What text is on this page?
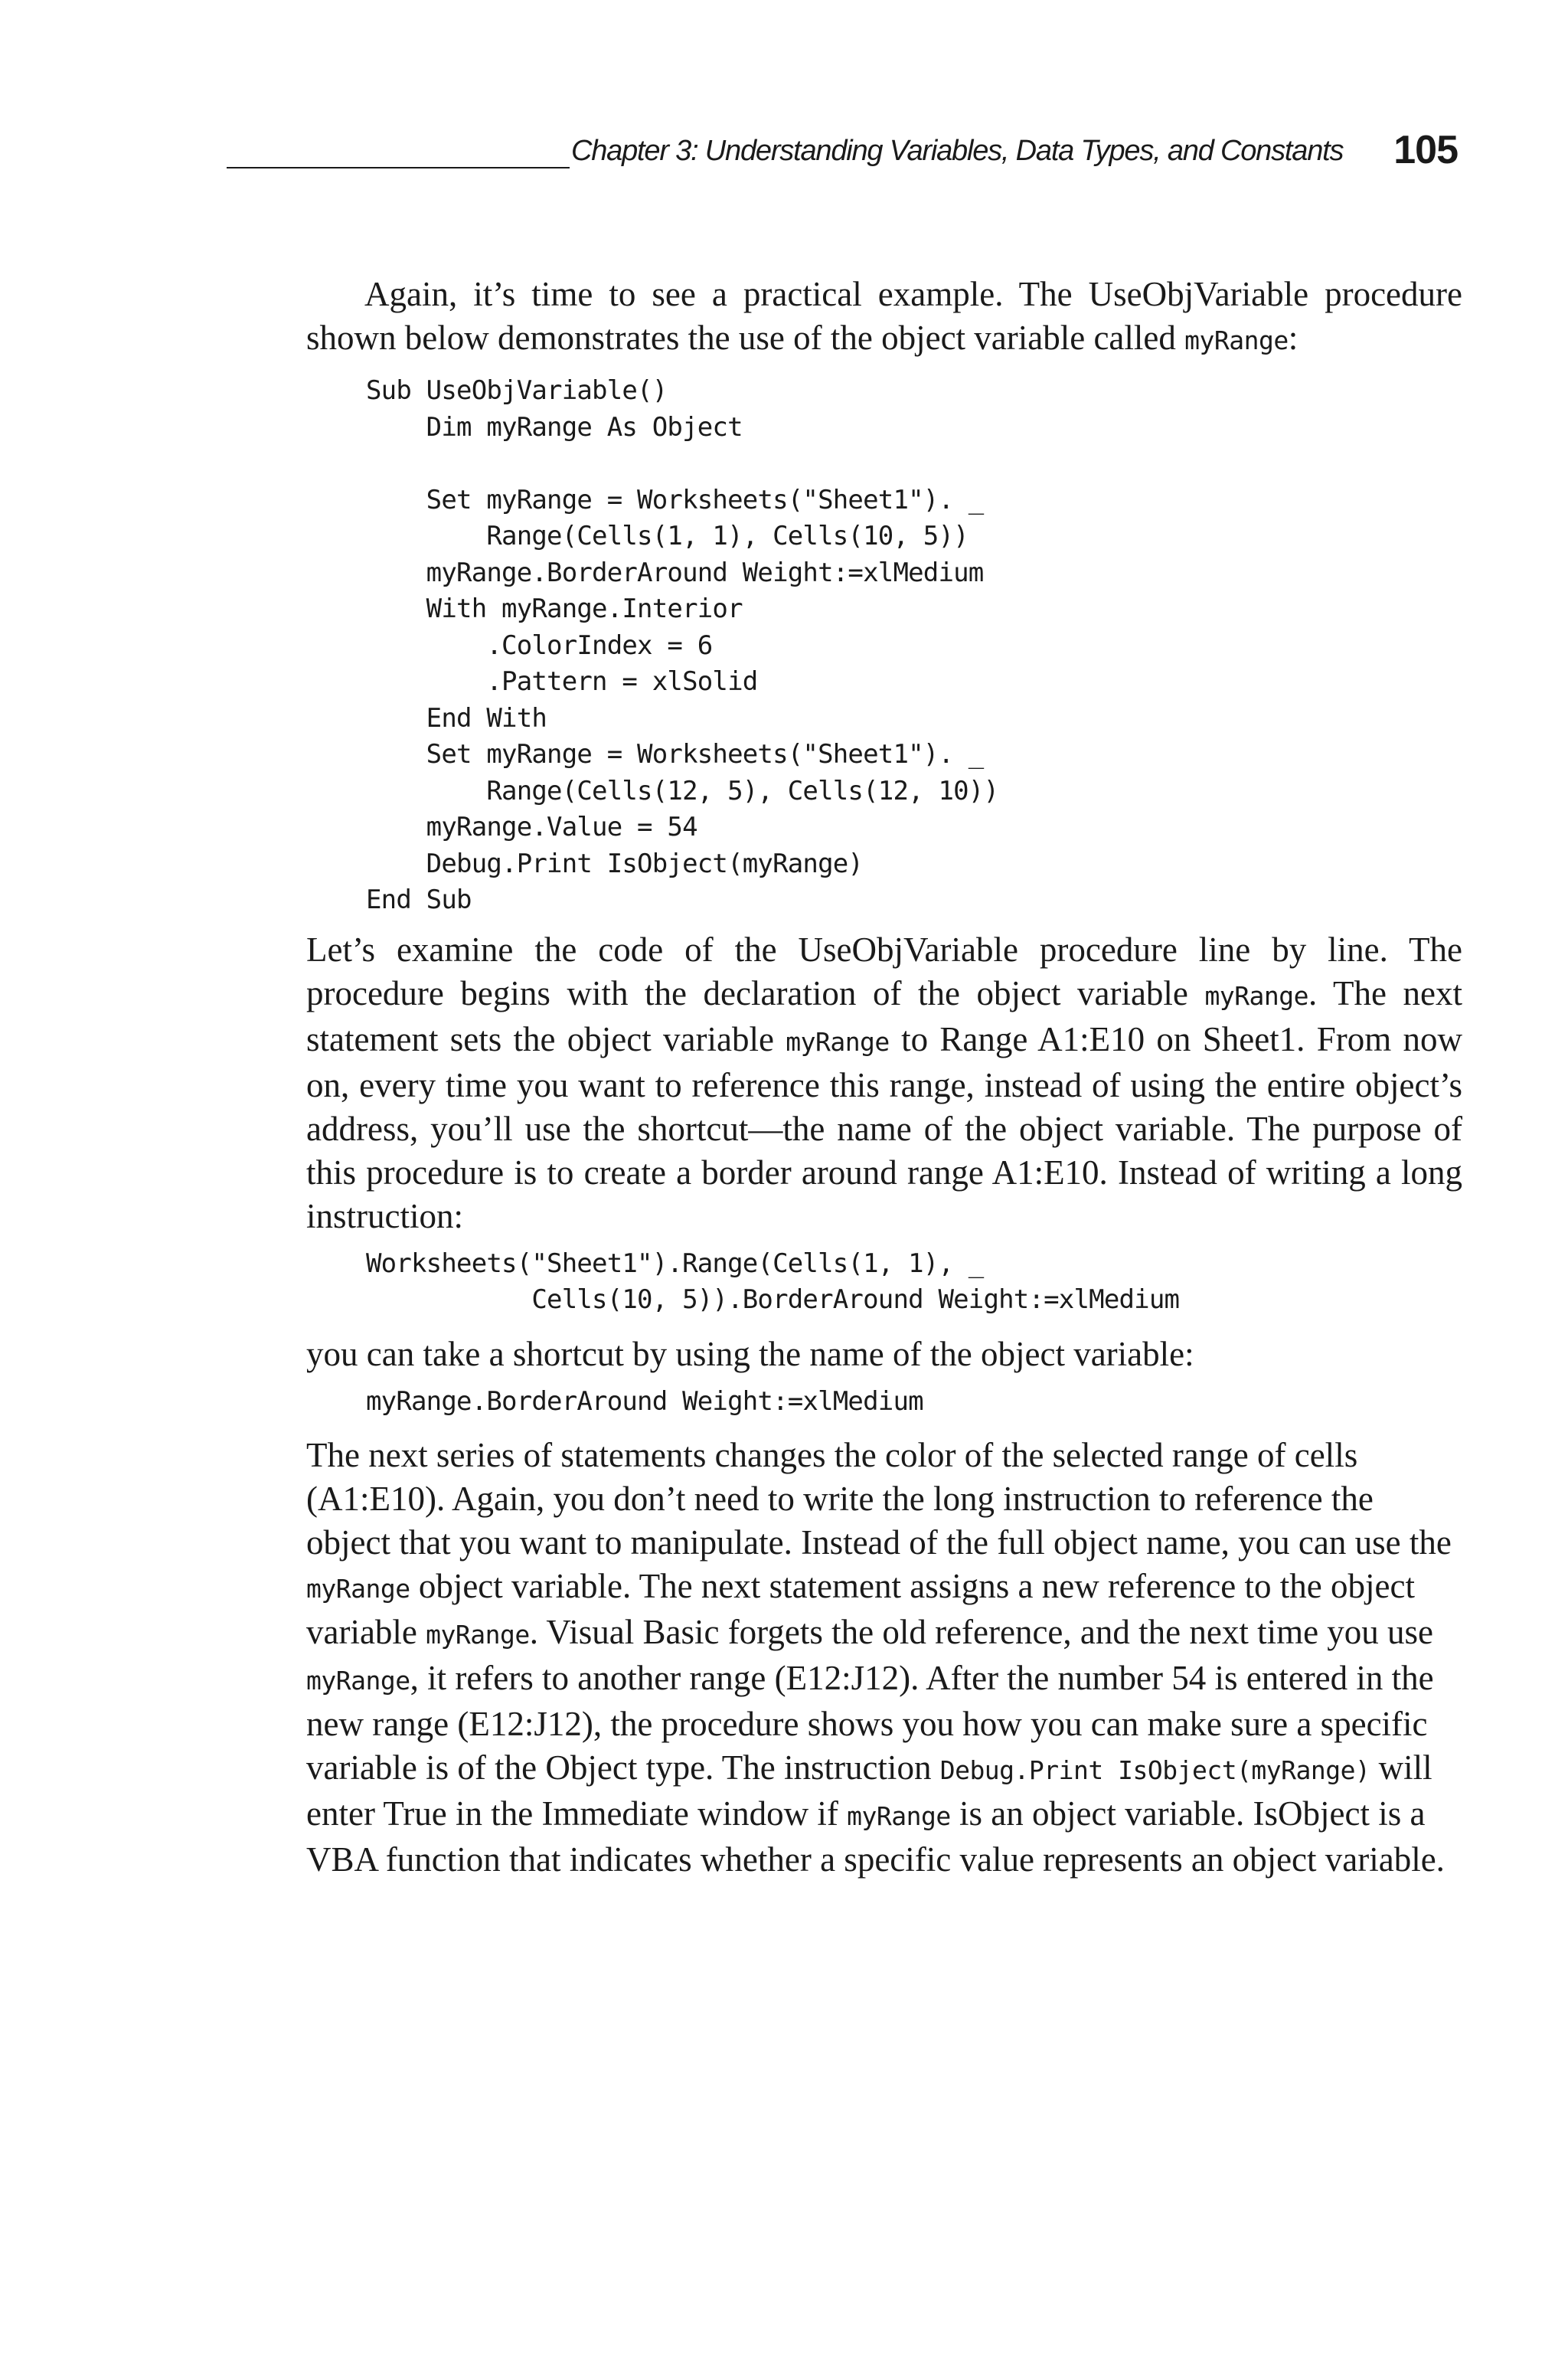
Chapter 3: Understanding Variables, Data Types, and Constants 105

Again, it’s time to see a practical example. The UseObjVariable procedure shown below demonstrates the use of the object variable called myRange:

Sub UseObjVariable()
Dim myRange As Object

Set myRange = Worksheets("Sheet1"). _
Range(Cells(1, 1), Cells(10, 5))
myRange.BorderAround Weight:=xlMedium
With myRange.Interior
.ColorIndex = 6
.Pattern = xlSolid
End With
Set myRange = Worksheets("Sheet1"). _
Range(Cells(12, 5), Cells(12, 10))
myRange.Value = 54
Debug.Print IsObject(myRange)
End Sub

Let’s examine the code of the UseObjVariable procedure line by line. The procedure begins with the declaration of the object variable myRange. The next statement sets the object variable myRange to Range A1:E10 on Sheet1. From now on, every time you want to reference this range, instead of using the entire object’s address, you’ll use the shortcut—the name of the object variable. The purpose of this procedure is to create a border around range A1:E10. Instead of writing a long instruction:

Worksheets("Sheet1").Range(Cells(1, 1), _
Cells(10, 5)).BorderAround Weight:=xlMedium

you can take a shortcut by using the name of the object variable:

myRange.BorderAround Weight:=xlMedium

The next series of statements changes the color of the selected range of cells (A1:E10). Again, you don’t need to write the long instruction to reference the object that you want to manipulate. Instead of the full object name, you can use the myRange object variable. The next statement assigns a new reference to the object variable myRange. Visual Basic forgets the old reference, and the next time you use myRange, it refers to another range (E12:J12). After the number 54 is entered in the new range (E12:J12), the procedure shows you how you can make sure a specific variable is of the Object type. The instruction Debug.Print IsObject(myRange) will enter True in the Immediate window if myRange is an object variable. IsObject is a VBA function that indicates whether a specific value represents an object variable.
